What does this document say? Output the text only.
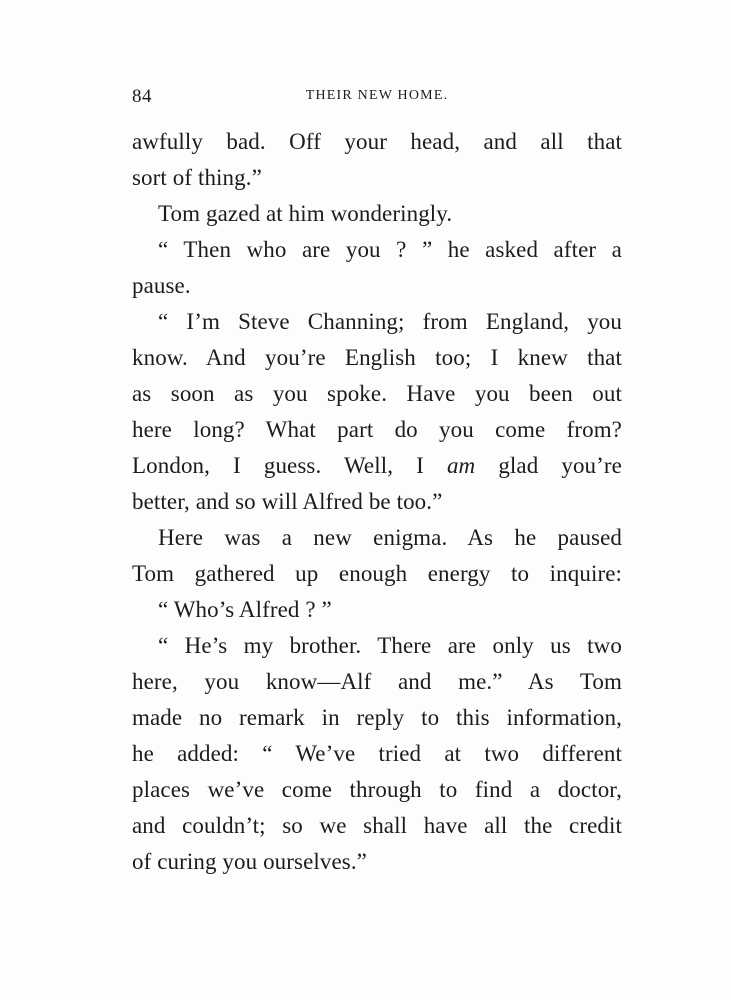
84	THEIR NEW HOME.
awfully bad. Off your head, and all that
sort of thing.”
Tom gazed at him wonderingly.
“ Then who are you ? ” he asked after a
pause.
“ I’m Steve Channing; from England, you
know. And you’re English too; I knew that
as soon as you spoke. Have you been out
here long? What part do you come from?
London, I guess. Well, I am glad you’re
better, and so will Alfred be too.”
Here was a new enigma. As he paused
Tom gathered up enough energy to inquire:
“ Who’s Alfred ? ”
“ He’s my brother. There are only us two
here, you know—Alf and me.” As Tom
made no remark in reply to this information,
he added: “ We’ve tried at two different
places we’ve come through to find a doctor,
and couldn’t; so we shall have all the credit
of curing you ourselves.”
